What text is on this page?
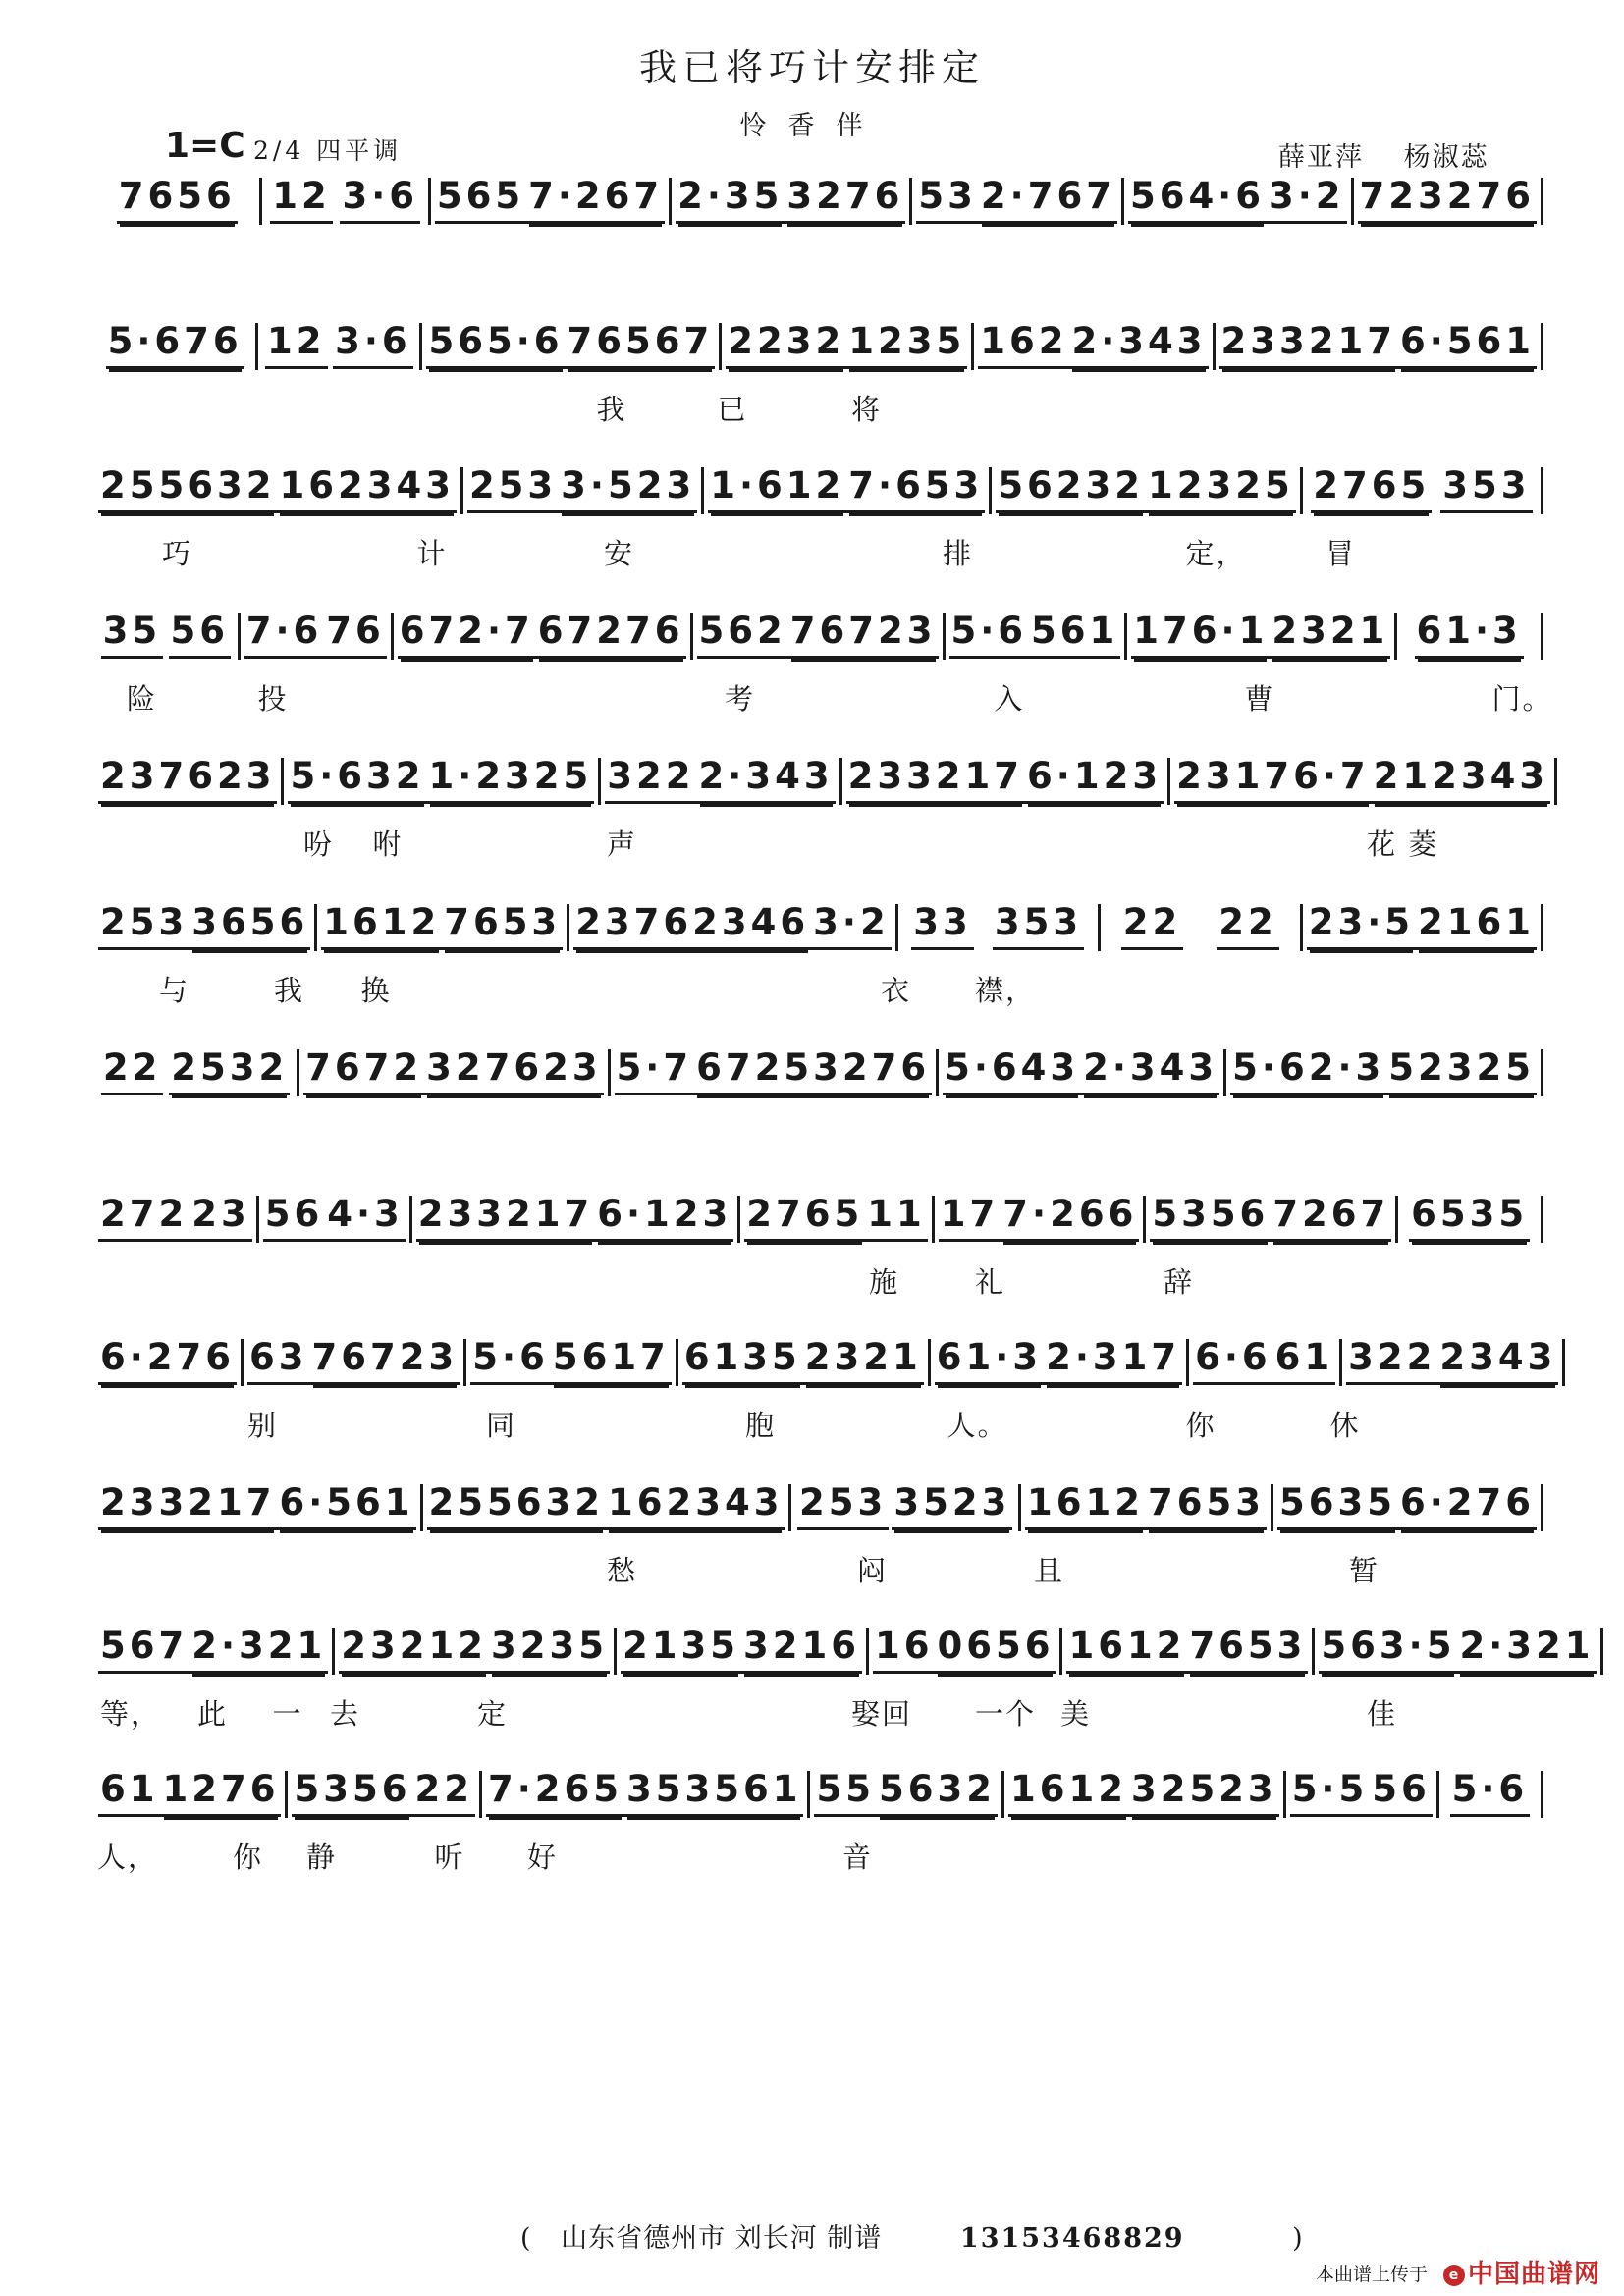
我已将巧计安排定
怜香伴
1=C 2/4 四平调	薛亚萍 杨淑蕊
7656 12 3·6 565 7·267 2·35 3276 53 2·767 564·6 3·2 723276
5·676 12 3·6 565·6 76567 2232 1235 162 2·343 233217 6·561
我	已	将
255632 162343 253 3·523 1·612 7·653 56232 12325 2765 353
巧	计	安	排	定，	冒
35 56 7·6 76 672·7 67276 562 76723 5·6 561 176·1 2321 61·3
险	投	考	入	曹	门。
237623 5·632 1·2325 322 2·343 233217 6·123 23176·7 212343
吩 咐	声	花 菱
253 3656 1612 7653 23762346 3·2 33 353 22 22 23·5 2161
与	我 换	衣 襟，
22 2532 7672 327623 5·7 67253276 5·643 2·343 5·62·3 52325
272 23 56 4·3 233217 6·123 2765 11 17 7·266 5356 7267 6535
施	礼	辞
6·276 63 76723 5·6 5617 6135 2321 61·3 2·317 6·6 61 322 2343
别	同	胞	人。	你	休
233217 6·561 255632 162343 253 3523 1612 7653 5635 6·276
愁	闷	且	暂
567 2·321 23212 3235 2135 3216 16 0656 1612 7653 563·5 2·321
等， 此 一 去	定	娶回 一个 美	佳
61 1276 5356 22 7·265 353561 55 5632 1612 32523 5·5 56 5·6
人，	你 静	听 好	音
( 山东省德州市 刘长河 制谱	13153468829	)
本曲谱上传于	e 中国曲谱网
